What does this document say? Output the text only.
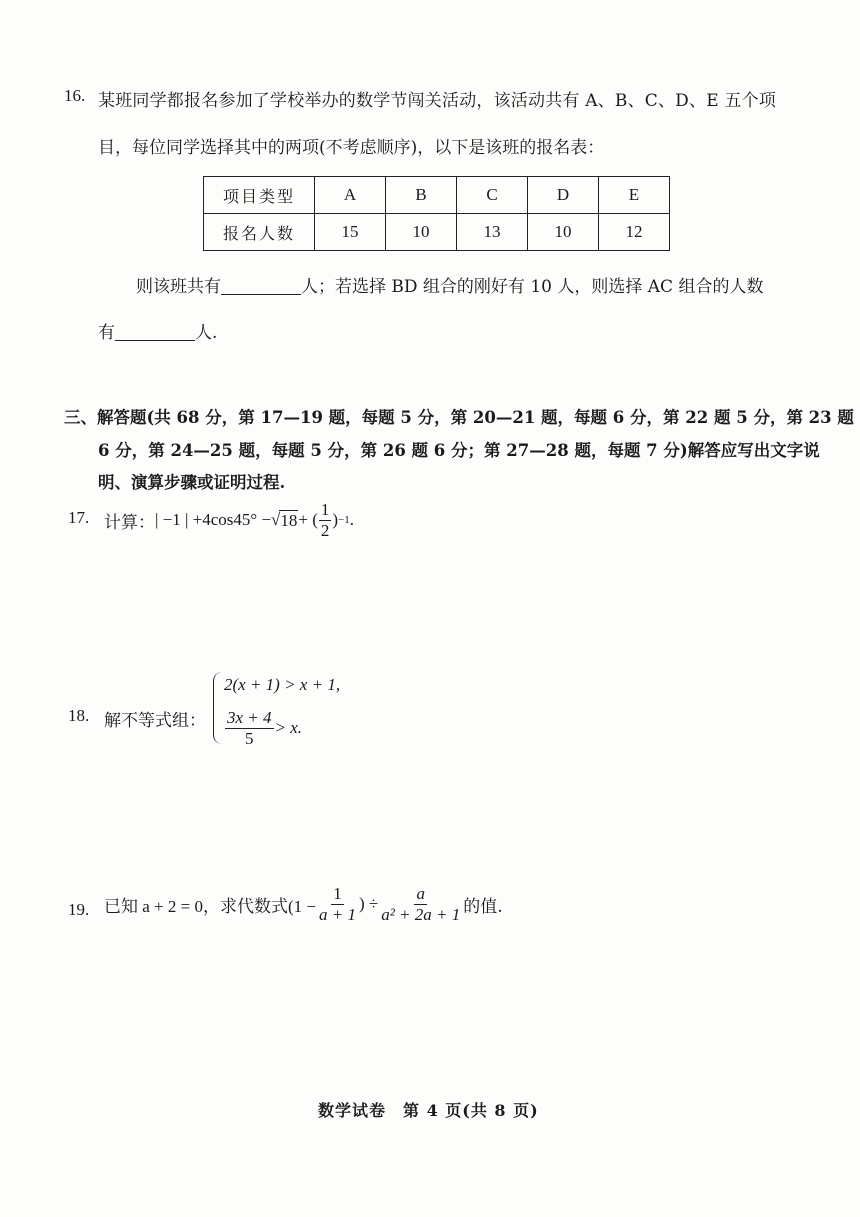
16. 某班同学都报名参加了学校举办的数学节闯关活动，该活动共有 A、B、C、D、E 五个项
目，每位同学选择其中的两项(不考虑顺序)，以下是该班的报名表：
项目类型	A	B	C	D	E
报名人数	15	10	13	10	12
则该班共有	人；若选择 BD 组合的刚好有 10 人，则选择 AC 组合的人数
有	人.
三、解答题(共 68 分，第 17—19 题，每题 5 分，第 20—21 题，每题 6 分，第 22 题 5 分，第 23 题
6 分，第 24—25 题，每题 5 分，第 26 题 6 分；第 27—28 题，每题 7 分)解答应写出文字说
明、演算步骤或证明过程.
17. 计算： | −1 | +4cos45° − √ 18 + ( $\frac{1}{2}$ ) −1 .
18. 解不等式组：
2(x + 1) > x + 1,
$\frac{3x + 4}{5} > x$.
19. 已知 a + 2 = 0，求代数式($1 - \frac{1}{a + 1}$ ) ÷ $\frac{a}{\text{a² + 2a + 1}}$ 的值.
数学试卷　第 4 页(共 8 页)
